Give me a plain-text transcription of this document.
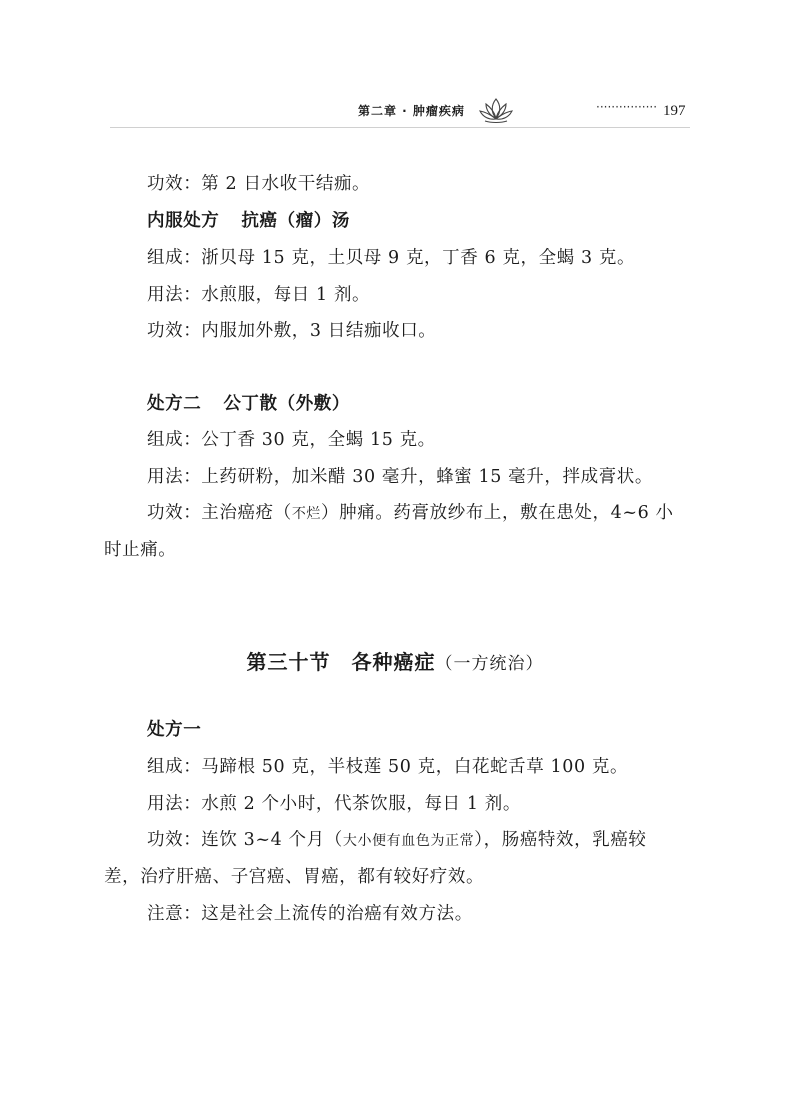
第二章 · 肿瘤疾病	················ 197
功效：第 2 日水收干结痂。
内服处方 抗癌（瘤）汤
组成：浙贝母 15 克，土贝母 9 克，丁香 6 克，全蝎 3 克。
用法：水煎服，每日 1 剂。
功效：内服加外敷，3 日结痂收口。
处方二 公丁散（外敷）
组成：公丁香 30 克，全蝎 15 克。
用法：上药研粉，加米醋 30 毫升，蜂蜜 15 毫升，拌成膏状。
功效：主治癌疮（不烂）肿痛。药膏放纱布上，敷在患处，4~6 小
时止痛。
第三十节　各种癌症（一方统治）
处方一
组成：马蹄根 50 克，半枝莲 50 克，白花蛇舌草 100 克。
用法：水煎 2 个小时，代茶饮服，每日 1 剂。
功效：连饮 3~4 个月（大小便有血色为正常），肠癌特效，乳癌较
差，治疗肝癌、子宫癌、胃癌，都有较好疗效。
注意：这是社会上流传的治癌有效方法。
